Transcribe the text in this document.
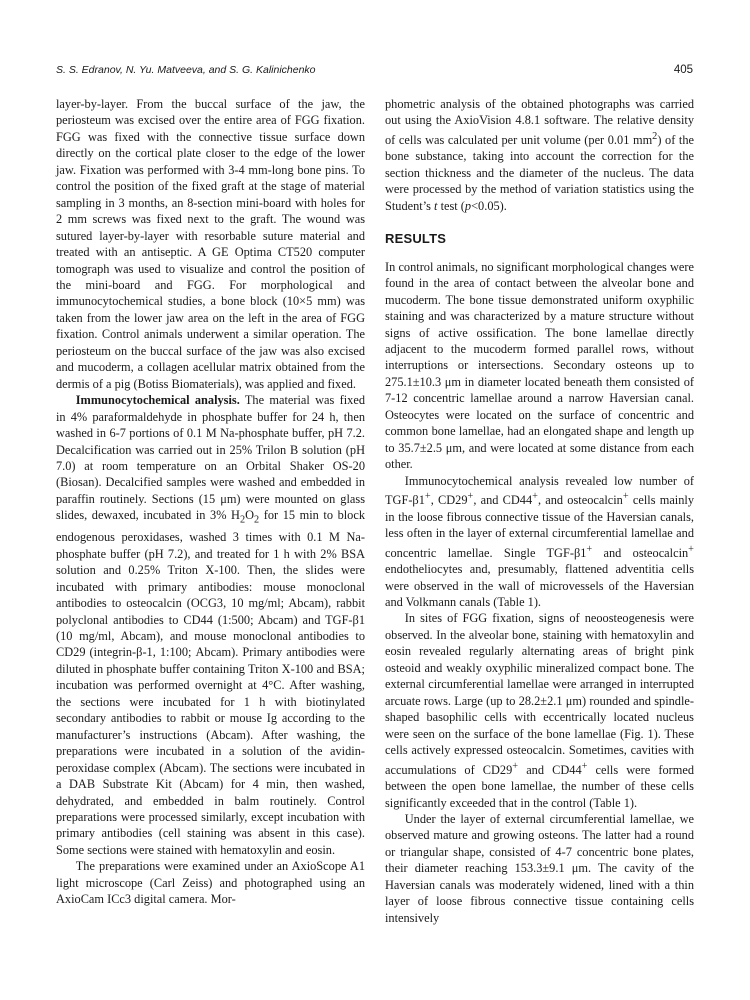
S. S. Edranov, N. Yu. Matveeva, and S. G. Kalinichenko	405

layer-by-layer. From the buccal surface of the jaw, the periosteum was excised over the entire area of FGG fixation. FGG was fixed with the connective tissue surface down directly on the cortical plate closer to the edge of the lower jaw. Fixation was performed with 3-4 mm-long bone pins. To control the position of the fixed graft at the stage of material sampling in 3 months, an 8-section mini-board with holes for 2 mm screws was fixed next to the graft. The wound was sutured layer-by-layer with resorbable suture material and treated with an antiseptic. A GE Optima CT520 computer tomograph was used to visualize and control the position of the mini-board and FGG. For morphological and immunocytochemical studies, a bone block (10×5 mm) was taken from the lower jaw area on the left in the area of FGG fixation. Control animals underwent a similar operation. The periosteum on the buccal surface of the jaw was also excised and mucoderm, a collagen acellular matrix obtained from the dermis of a pig (Botiss Biomaterials), was applied and fixed.

Immunocytochemical analysis. The material was fixed in 4% paraformaldehyde in phosphate buffer for 24 h, then washed in 6-7 portions of 0.1 M Na-phosphate buffer, pH 7.2. Decalcification was carried out in 25% Trilon B solution (pH 7.0) at room temperature on an Orbital Shaker OS-20 (Biosan). Decalcified samples were washed and embedded in paraffin routinely. Sections (15 μm) were mounted on glass slides, dewaxed, incubated in 3% $H_2O_2$ for 15 min to block endogenous peroxidases, washed 3 times with 0.1 M Na-phosphate buffer (pH 7.2), and treated for 1 h with 2% BSA solution and 0.25% Triton X-100. Then, the slides were incubated with primary antibodies: mouse monoclonal antibodies to osteocalcin (OCG3, 10 mg/ml; Abcam), rabbit polyclonal antibodies to CD44 (1:500; Abcam) and TGF-β1 (10 mg/ml, Abcam), and mouse monoclonal antibodies to CD29 (integrin-β-1, 1:100; Abcam). Primary antibodies were diluted in phosphate buffer containing Triton X-100 and BSA; incubation was performed overnight at 4°C. After washing, the sections were incubated for 1 h with biotinylated secondary antibodies to rabbit or mouse Ig according to the manufacturer’s instructions (Abcam). After washing, the preparations were incubated in a solution of the avidin-peroxidase complex (Abcam). The sections were incubated in a DAB Substrate Kit (Abcam) for 4 min, then washed, dehydrated, and embedded in balm routinely. Control preparations were processed similarly, except incubation with primary antibodies (cell staining was absent in this case). Some sections were stained with hematoxylin and eosin.

The preparations were examined under an AxioScope A1 light microscope (Carl Zeiss) and photographed using an AxioCam ICc3 digital camera. Mor-

phometric analysis of the obtained photographs was carried out using the AxioVision 4.8.1 software. The relative density of cells was calculated per unit volume (per 0.01 $mm^2$) of the bone substance, taking into account the correction for the section thickness and the diameter of the nucleus. The data were processed by the method of variation statistics using the Student’s t test (p<0.05).

RESULTS

In control animals, no significant morphological changes were found in the area of contact between the alveolar bone and mucoderm. The bone tissue demonstrated uniform oxyphilic staining and was characterized by a mature structure without signs of active ossification. The bone lamellae directly adjacent to the mucoderm formed parallel rows, without interruptions or intersections. Secondary osteons up to 275.1±10.3 μm in diameter located beneath them consisted of 7-12 concentric lamellae around a narrow Haversian canal. Osteocytes were located on the surface of concentric and common bone lamellae, had an elongated shape and length up to 35.7±2.5 μm, and were located at some distance from each other.

Immunocytochemical analysis revealed low number of TGF-β1+, CD29+, and CD44+, and osteocalcin+ cells mainly in the loose fibrous connective tissue of the Haversian canals, less often in the layer of external circumferential lamellae and concentric lamellae. Single TGF-β1+ and osteocalcin+ endotheliocytes and, presumably, flattened adventitia cells were observed in the wall of microvessels of the Haversian and Volkmann canals (Table 1).

In sites of FGG fixation, signs of neoosteogenesis were observed. In the alveolar bone, staining with hematoxylin and eosin revealed regularly alternating areas of bright pink osteoid and weakly oxyphilic mineralized compact bone. The external circumferential lamellae were arranged in interrupted arcuate rows. Large (up to 28.2±2.1 μm) rounded and spindle-shaped basophilic cells with eccentrically located nucleus were seen on the surface of the bone lamellae (Fig. 1). These cells actively expressed osteocalcin. Sometimes, cavities with accumulations of CD29+ and CD44+ cells were formed between the open bone lamellae, the number of these cells significantly exceeded that in the control (Table 1).

Under the layer of external circumferential lamellae, we observed mature and growing osteons. The latter had a round or triangular shape, consisted of 4-7 concentric bone plates, their diameter reaching 153.3±9.1 μm. The cavity of the Haversian canals was moderately widened, lined with a thin layer of loose fibrous connective tissue containing cells intensively
